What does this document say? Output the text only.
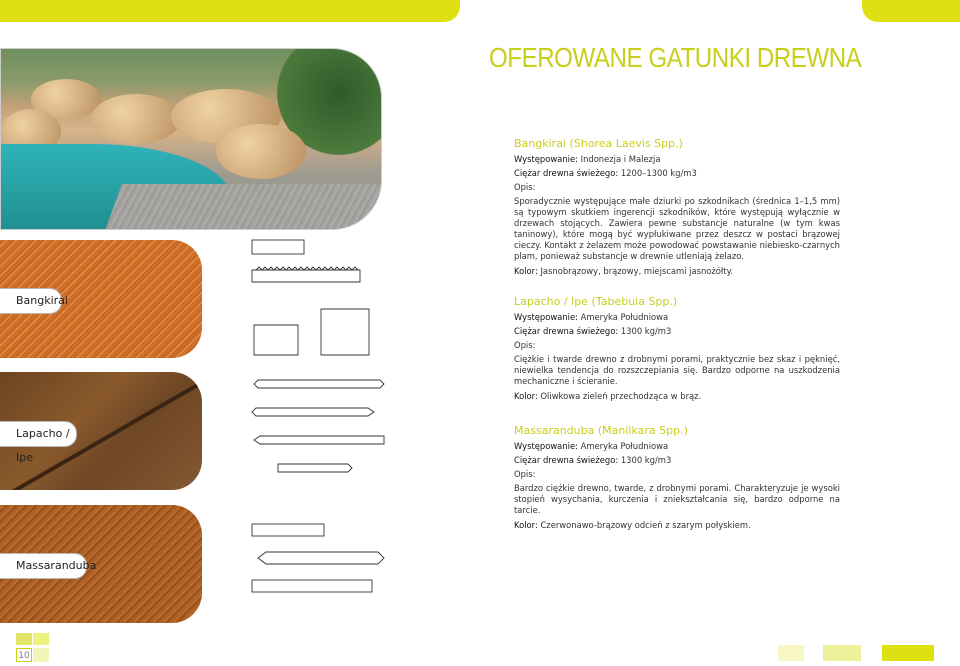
Bangkirai
Lapacho / Ipe
Massaranduba
OFEROWANE GATUNKI DREWNA
Bangkirai (Shorea Laevis Spp.)
Występowanie: Indonezja i Malezja
Ciężar drewna świeżego: 1200–1300 kg/m3
Opis:
Sporadycznie występujące małe dziurki po szkodnikach (średnica 1–1,5 mm) są typowym skutkiem ingerencji szkodników, które występują wyłącznie w drzewach stojących. Zawiera pewne substancje naturalne (w tym kwas taninowy), które mogą być wypłukiwane przez deszcz w postaci brązowej cieczy. Kontakt z żelazem może powodować powstawanie niebiesko-czarnych plam, ponieważ substancje w drewnie utleniają żelazo.
Kolor: Jasnobrązowy, brązowy, miejscami jasnożółty.
Lapacho / Ipe (Tabebuia Spp.)
Występowanie: Ameryka Południowa
Ciężar drewna świeżego: 1300 kg/m3
Opis:
Ciężkie i twarde drewno z drobnymi porami, praktycznie bez skaz i pęknięć, niewielka tendencja do rozszczepiania się. Bardzo odporne na uszkodzenia mechaniczne i ścieranie.
Kolor: Oliwkowa zieleń przechodząca w brąz.
Massaranduba (Manilkara Spp.)
Występowanie: Ameryka Południowa
Ciężar drewna świeżego: 1300 kg/m3
Opis:
Bardzo ciężkie drewno, twarde, z drobnymi porami. Charakteryzuje je wysoki stopień wysychania, kurczenia i zniekształcania się, bardzo odporne na tarcie.
Kolor: Czerwonawo-brązowy odcień z szarym połyskiem.
10
